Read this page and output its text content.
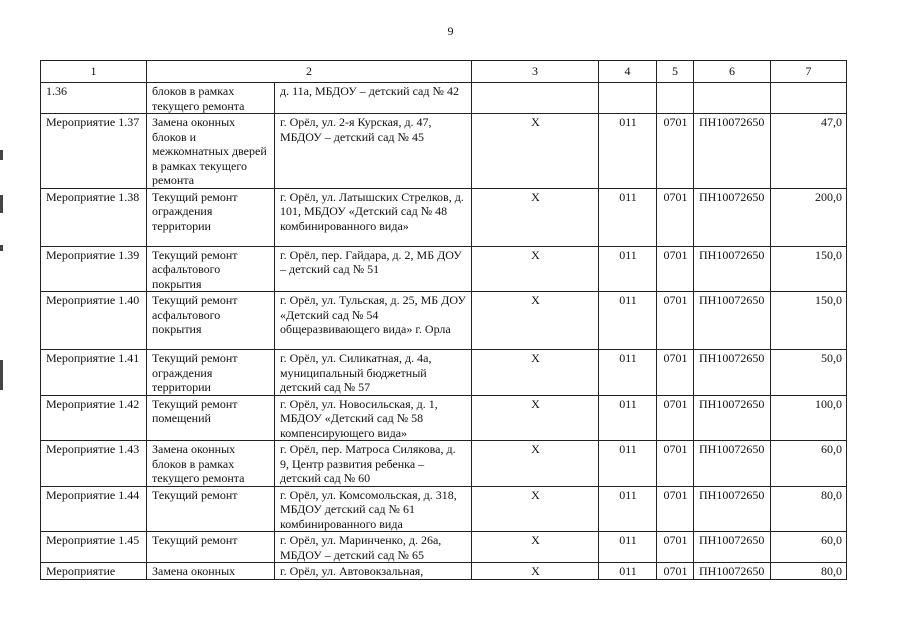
9
1	2		3	4	5	6	7
1.36	блоков в рамках текущего ремонта	д. 11а, МБДОУ – детский сад № 42					
Мероприятие 1.37	Замена оконных блоков и межкомнатных дверей в рамках текущего ремонта	г. Орёл, ул. 2-я Курская, д. 47, МБДОУ – детский сад № 45	Х	011	0701	ПН10072650	47,0
Мероприятие 1.38	Текущий ремонт ограждения территории	г. Орёл, ул. Латышских Стрелков, д. 101, МБДОУ «Детский сад № 48 комбинированного вида»	Х	011	0701	ПН10072650	200,0
Мероприятие 1.39	Текущий ремонт асфальтового покрытия	г. Орёл, пер. Гайдара, д. 2, МБ ДОУ – детский сад № 51	Х	011	0701	ПН10072650	150,0
Мероприятие 1.40	Текущий ремонт асфальтового покрытия	г. Орёл, ул. Тульская, д. 25, МБ ДОУ «Детский сад № 54 общеразвивающего вида» г. Орла	Х	011	0701	ПН10072650	150,0
Мероприятие 1.41	Текущий ремонт ограждения территории	г. Орёл, ул. Силикатная, д. 4а, муниципальный бюджетный детский сад № 57	Х	011	0701	ПН10072650	50,0
Мероприятие 1.42	Текущий ремонт помещений	г. Орёл, ул. Новосильская, д. 1, МБДОУ «Детский сад № 58 компенсирующего вида»	Х	011	0701	ПН10072650	100,0
Мероприятие 1.43	Замена оконных блоков в рамках текущего ремонта	г. Орёл, пер. Матроса Силякова, д. 9, Центр развития ребенка – детский сад № 60	Х	011	0701	ПН10072650	60,0
Мероприятие 1.44	Текущий ремонт	г. Орёл, ул. Комсомольская, д. 318, МБДОУ детский сад № 61 комбинированного вида	Х	011	0701	ПН10072650	80,0
Мероприятие 1.45	Текущий ремонт	г. Орёл, ул. Маринченко, д. 26а, МБДОУ – детский сад № 65	Х	011	0701	ПН10072650	60,0
Мероприятие	Замена оконных	г. Орёл, ул. Автовокзальная,	Х	011	0701	ПН10072650	80,0
